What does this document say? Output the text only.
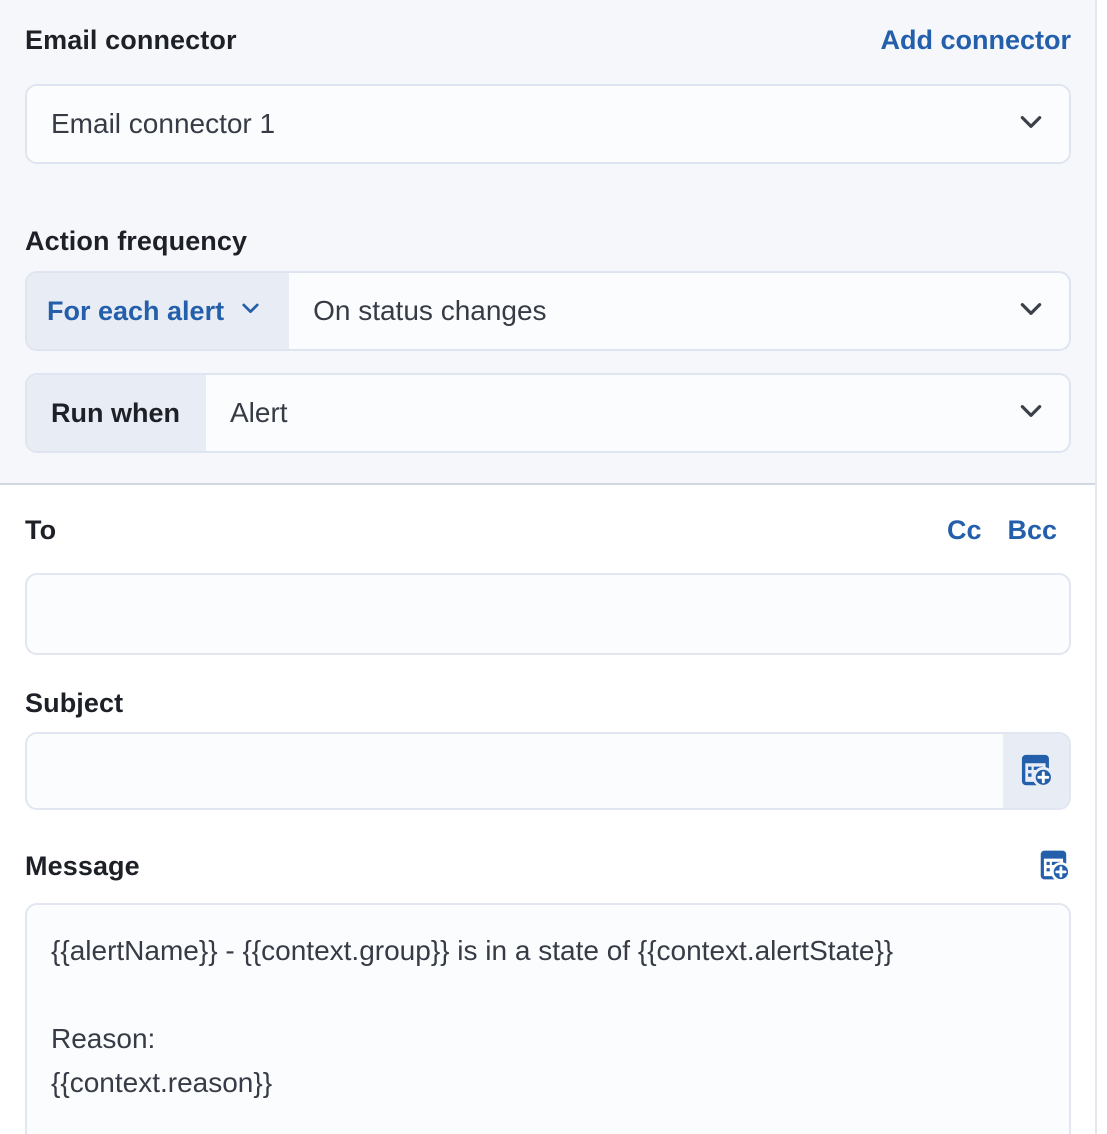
Email connector	Add connector
Email connector 1
Action frequency
For each alert	On status changes
Run when Alert
To	Cc Bcc
Subject
Message
{{alertName}} - {{context.group}} is in a state of {{context.alertState}} Reason: {{context.reason}}
